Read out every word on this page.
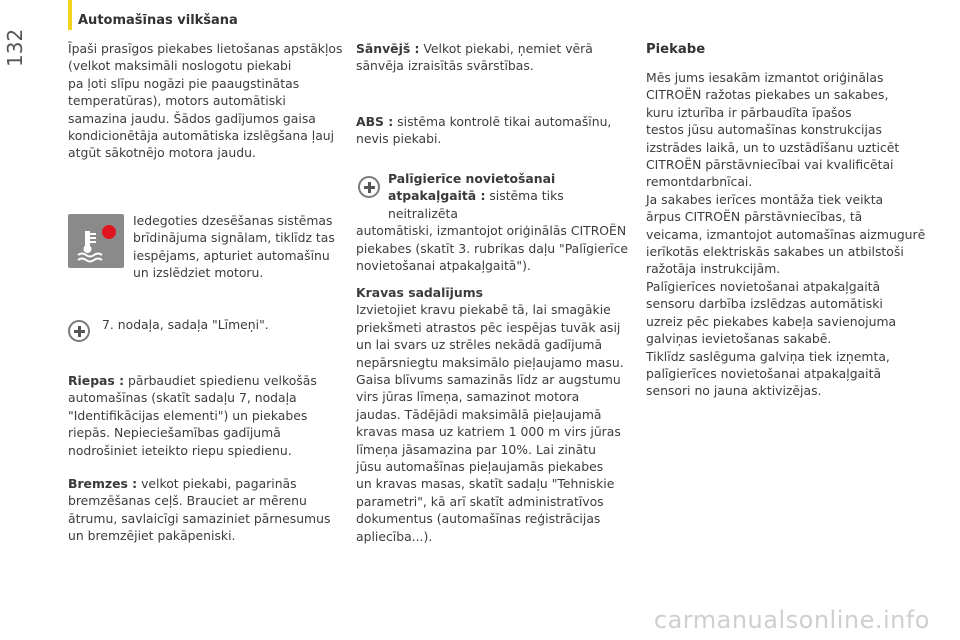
132
Automašīnas vilkšana
Īpaši prasīgos piekabes lietošanas apstākļos
(velkot maksimāli noslogotu piekabi
pa ļoti slīpu nogāzi pie paaugstinātas
temperatūras), motors automātiski
samazina jaudu. Šādos gadījumos gaisa
kondicionētāja automātiska izslēgšana ļauj
atgūt sākotnējo motora jaudu.
Iedegoties dzesēšanas sistēmas
brīdinājuma signālam, tiklīdz tas
iespējams, apturiet automašīnu
un izslēdziet motoru.
7. nodaļa, sadaļa "Līmeņi".
Riepas : pārbaudiet spiedienu velkošās
automašīnas (skatīt sadaļu 7, nodaļa
"Identifikācijas elementi") un piekabes
riepās. Nepieciešamības gadījumā
nodrošiniet ieteikto riepu spiedienu.
Bremzes : velkot piekabi, pagarinās
bremzēšanas ceļš. Brauciet ar mērenu
ātrumu, savlaicīgi samaziniet pārnesumus
un bremzējiet pakāpeniski.
Sānvējš : Velkot piekabi, ņemiet vērā
sānvēja izraisītās svārstības.
ABS : sistēma kontrolē tikai automašīnu,
nevis piekabi.
Palīgierīce novietošanai
atpakaļgaitā : sistēma tiks neitralizēta
automātiski, izmantojot oriģinālās CITROËN
piekabes (skatīt 3. rubrikas daļu "Palīgierīce
novietošanai atpakaļgaitā").
Kravas sadalījums
Izvietojiet kravu piekabē tā, lai smagākie
priekšmeti atrastos pēc iespējas tuvāk asij
un lai svars uz strēles nekādā gadījumā
nepārsniegtu maksimālo pieļaujamo masu.
Gaisa blīvums samazinās līdz ar augstumu
virs jūras līmeņa, samazinot motora
jaudas. Tādējādi maksimālā pieļaujamā
kravas masa uz katriem 1 000 m virs jūras
līmeņa jāsamazina par 10%. Lai zinātu
jūsu automašīnas pieļaujamās piekabes
un kravas masas, skatīt sadaļu "Tehniskie
parametri", kā arī skatīt administratīvos
dokumentus (automašīnas reģistrācijas
apliecība...).
Piekabe
Mēs jums iesakām izmantot oriģinālas
CITROËN ražotas piekabes un sakabes,
kuru izturība ir pārbaudīta īpašos
testos jūsu automašīnas konstrukcijas
izstrādes laikā, un to uzstādīšanu uzticēt
CITROËN pārstāvniecībai vai kvalificētai
remontdarbnīcai.
Ja sakabes ierīces montāža tiek veikta
ārpus CITROËN pārstāvniecības, tā
veicama, izmantojot automašīnas aizmugurē
ierīkotās elektriskās sakabes un atbilstoši
ražotāja instrukcijām.
Palīgierīces novietošanai atpakaļgaitā
sensoru darbība izslēdzas automātiski
uzreiz pēc piekabes kabeļa savienojuma
galviņas ievietošanas sakabē.
Tiklīdz saslēguma galviņa tiek izņemta,
palīgierīces novietošanai atpakaļgaitā
sensori no jauna aktivizējas.
carmanualsonline.info
